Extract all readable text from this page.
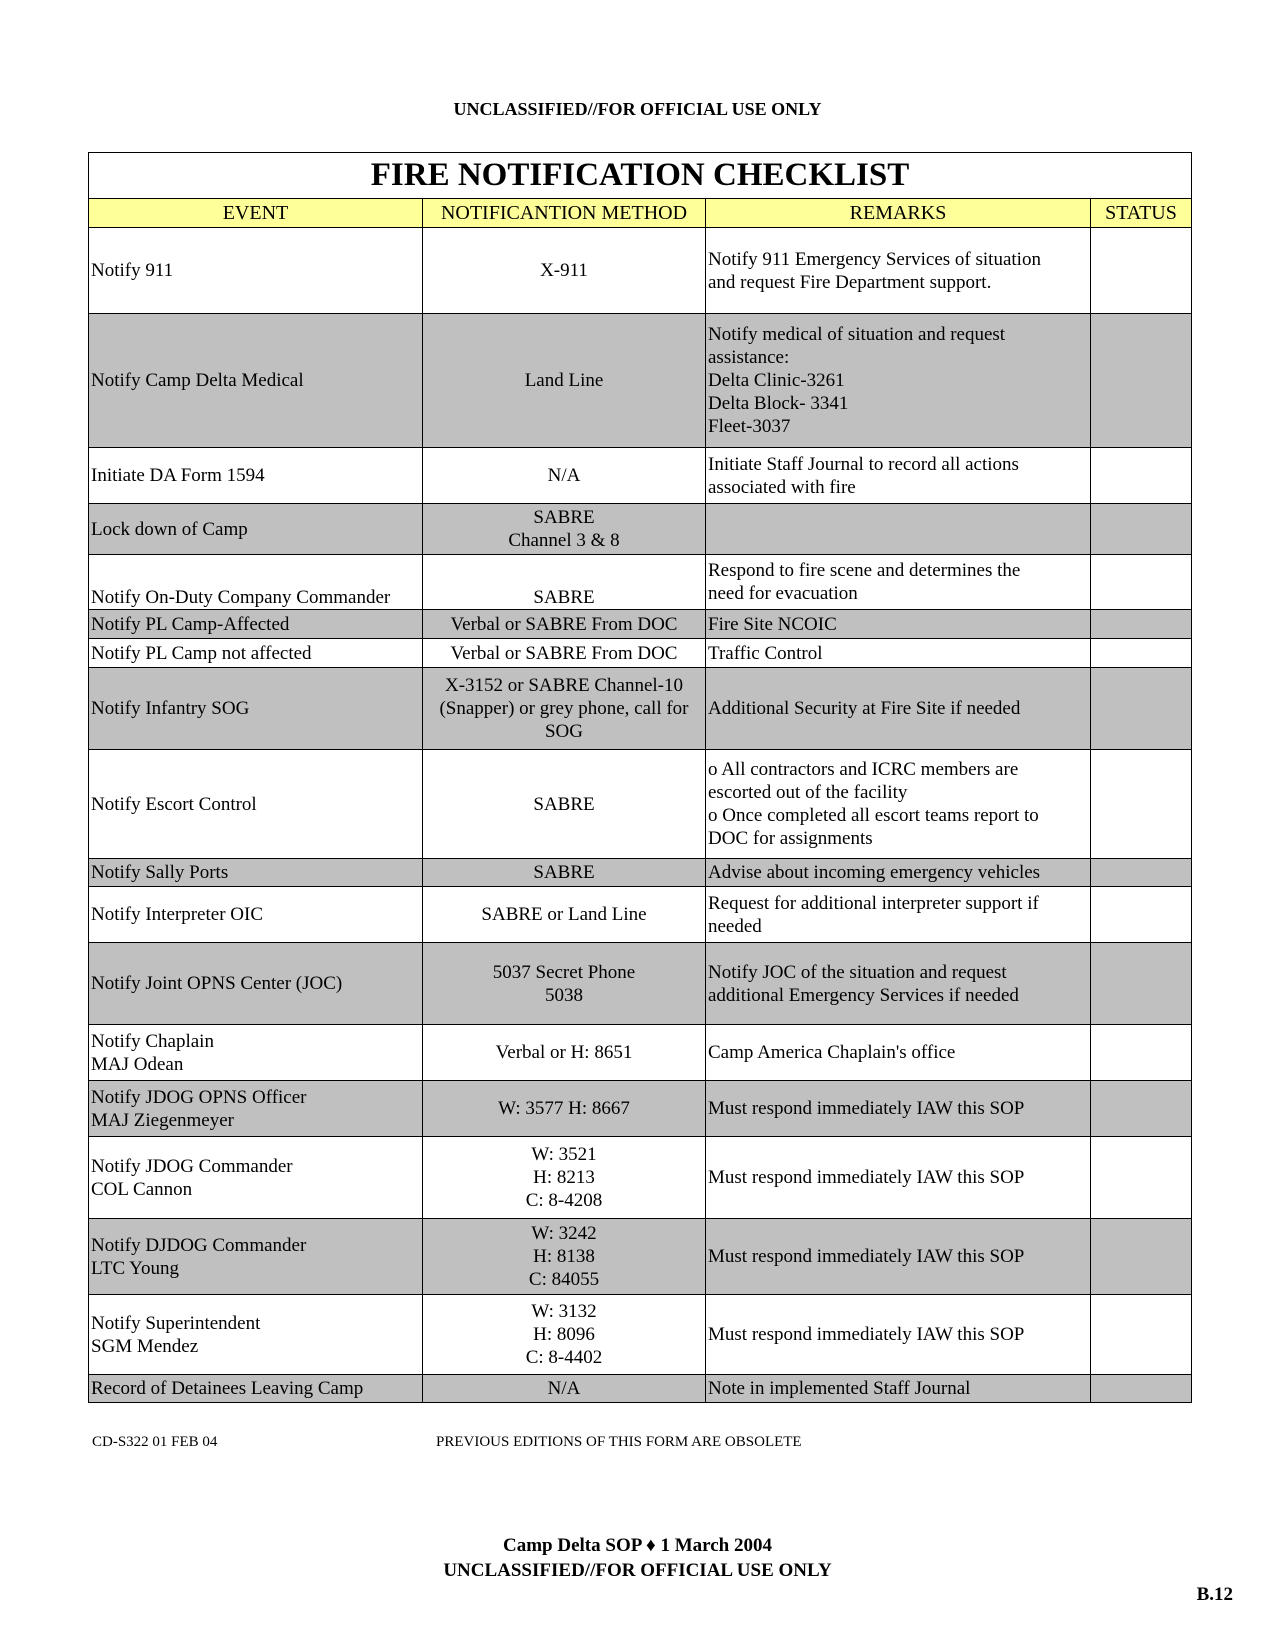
UNCLASSIFIED//FOR OFFICIAL USE ONLY
FIRE NOTIFICATION CHECKLIST			
EVENT	NOTIFICANTION METHOD	REMARKS	STATUS
Notify 911	X-911	Notify 911 Emergency Services of situation
and request Fire Department support.	
Notify Camp Delta Medical	Land Line	Notify medical of situation and request
assistance:
Delta Clinic-3261
Delta Block- 3341
Fleet-3037	
Initiate DA Form 1594	N/A	Initiate Staff Journal to record all actions
associated with fire	
Lock down of Camp	SABRE
Channel 3 & 8		
Notify On-Duty Company Commander	SABRE	Respond to fire scene and determines the
need for evacuation	
Notify PL Camp-Affected	Verbal or SABRE From DOC	Fire Site NCOIC	
Notify PL Camp not affected	Verbal or SABRE From DOC	Traffic Control	
Notify Infantry SOG	X-3152 or SABRE Channel-10
(Snapper) or grey phone, call for
SOG	Additional Security at Fire Site if needed	
Notify Escort Control	SABRE	o All contractors and ICRC members are
escorted out of the facility
o Once completed all escort teams report to
DOC for assignments	
Notify Sally Ports	SABRE	Advise about incoming emergency vehicles	
Notify Interpreter OIC	SABRE or Land Line	Request for additional interpreter support if
needed	
Notify Joint OPNS Center (JOC)	5037 Secret Phone
5038	Notify JOC of the situation and request
additional Emergency Services if needed	
Notify Chaplain
MAJ Odean	Verbal or H: 8651	Camp America Chaplain's office	
Notify JDOG OPNS Officer
MAJ Ziegenmeyer	W: 3577 H: 8667	Must respond immediately IAW this SOP	
Notify JDOG Commander
COL Cannon	W: 3521
H: 8213
C: 8-4208	Must respond immediately IAW this SOP	
Notify DJDOG Commander
LTC Young	W: 3242
H: 8138
C: 84055	Must respond immediately IAW this SOP	
Notify Superintendent
SGM Mendez	W: 3132
H: 8096
C: 8-4402	Must respond immediately IAW this SOP	
Record of Detainees Leaving Camp	N/A	Note in implemented Staff Journal	
CD-S322 01 FEB 04	PREVIOUS EDITIONS OF THIS FORM ARE OBSOLETE
Camp Delta SOP ♦ 1 March 2004
UNCLASSIFIED//FOR OFFICIAL USE ONLY
B.12
